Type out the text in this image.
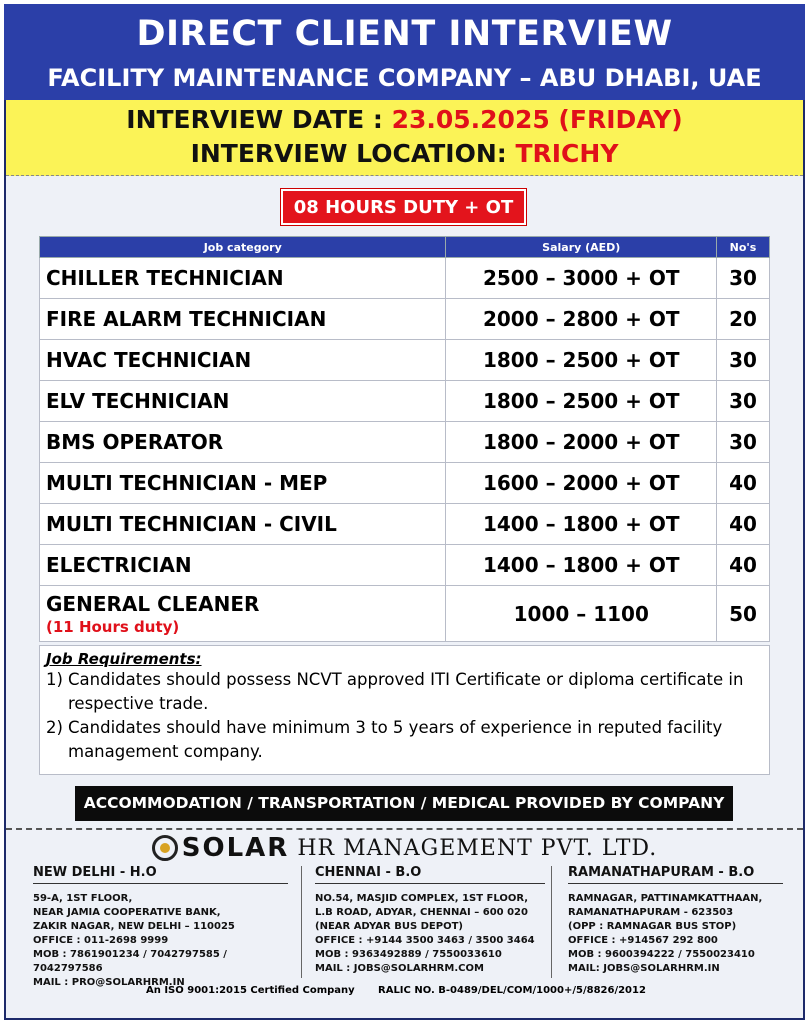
DIRECT CLIENT INTERVIEW
FACILITY MAINTENANCE COMPANY – ABU DHABI, UAE
INTERVIEW DATE : 23.05.2025 (FRIDAY)
INTERVIEW LOCATION: TRICHY
08 HOURS DUTY + OT
Job category	Salary (AED)	No's
CHILLER TECHNICIAN	2500 – 3000 + OT	30
FIRE ALARM TECHNICIAN	2000 – 2800 + OT	20
HVAC TECHNICIAN	1800 – 2500 + OT	30
ELV TECHNICIAN	1800 – 2500 + OT	30
BMS OPERATOR	1800 – 2000 + OT	30
MULTI TECHNICIAN - MEP	1600 – 2000 + OT	40
MULTI TECHNICIAN - CIVIL	1400 – 1800 + OT	40
ELECTRICIAN	1400 – 1800 + OT	40
GENERAL CLEANER
(11 Hours duty)	1000 – 1100	50
Job Requirements:
1) Candidates should possess NCVT approved ITI Certificate or diploma certificate in respective trade.
2) Candidates should have minimum 3 to 5 years of experience in reputed facility management company.
ACCOMMODATION / TRANSPORTATION / MEDICAL PROVIDED BY COMPANY
SOLAR HR MANAGEMENT PVT. LTD.
NEW DELHI - H.O
59-A, 1ST FLOOR,
NEAR JAMIA COOPERATIVE BANK,
ZAKIR NAGAR, NEW DELHI – 110025
OFFICE : 011-2698 9999
MOB : 7861901234 / 7042797585 / 7042797586
MAIL : PRO@SOLARHRM.IN
CHENNAI - B.O
NO.54, MASJID COMPLEX, 1ST FLOOR,
L.B ROAD, ADYAR, CHENNAI – 600 020
(NEAR ADYAR BUS DEPOT)
OFFICE : +9144 3500 3463 / 3500 3464
MOB : 9363492889 / 7550033610
MAIL : JOBS@SOLARHRM.COM
RAMANATHAPURAM - B.O
RAMNAGAR, PATTINAMKATTHAAN,
RAMANATHAPURAM - 623503
(OPP : RAMNAGAR BUS STOP)
OFFICE : +914567 292 800
MOB : 9600394222 / 7550023410
MAIL: JOBS@SOLARHRM.IN
An ISO 9001:2015 Certified Company RALIC NO. B-0489/DEL/COM/1000+/5/8826/2012
